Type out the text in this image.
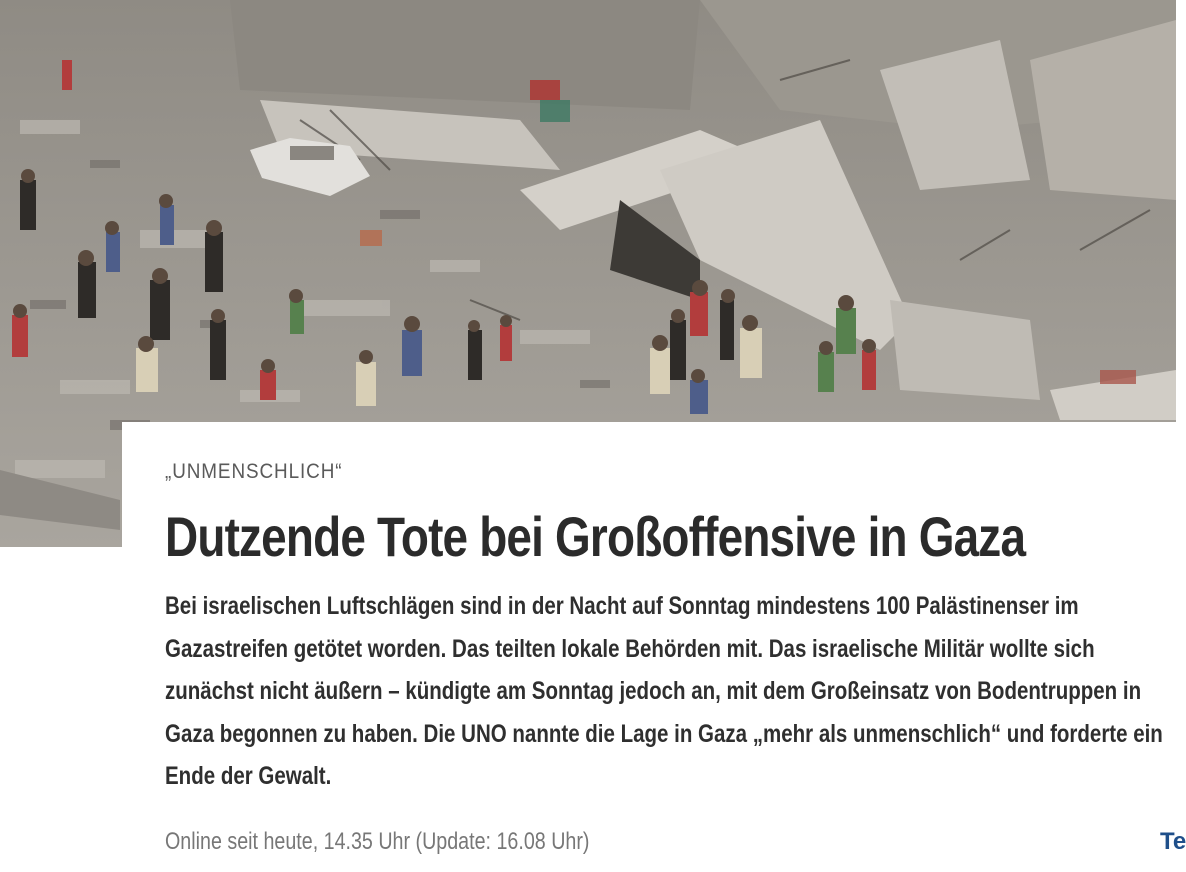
„UNMENSCHLICH“
Dutzende Tote bei Großoffensive in Gaza

Bei israelischen Luftschlägen sind in der Nacht auf Sonntag mindestens 100 Palästinenser im Gazastreifen getötet worden. Das teilten lokale Behörden mit. Das israelische Militär wollte sich zunächst nicht äußern – kündigte am Sonntag jedoch an, mit dem Großeinsatz von Bodentruppen in Gaza begonnen zu haben. Die UNO nannte die Lage in Gaza „mehr als unmenschlich“ und forderte ein Ende der Gewalt.

Online seit heute, 14.35 Uhr (Update: 16.08 Uhr)	Te
